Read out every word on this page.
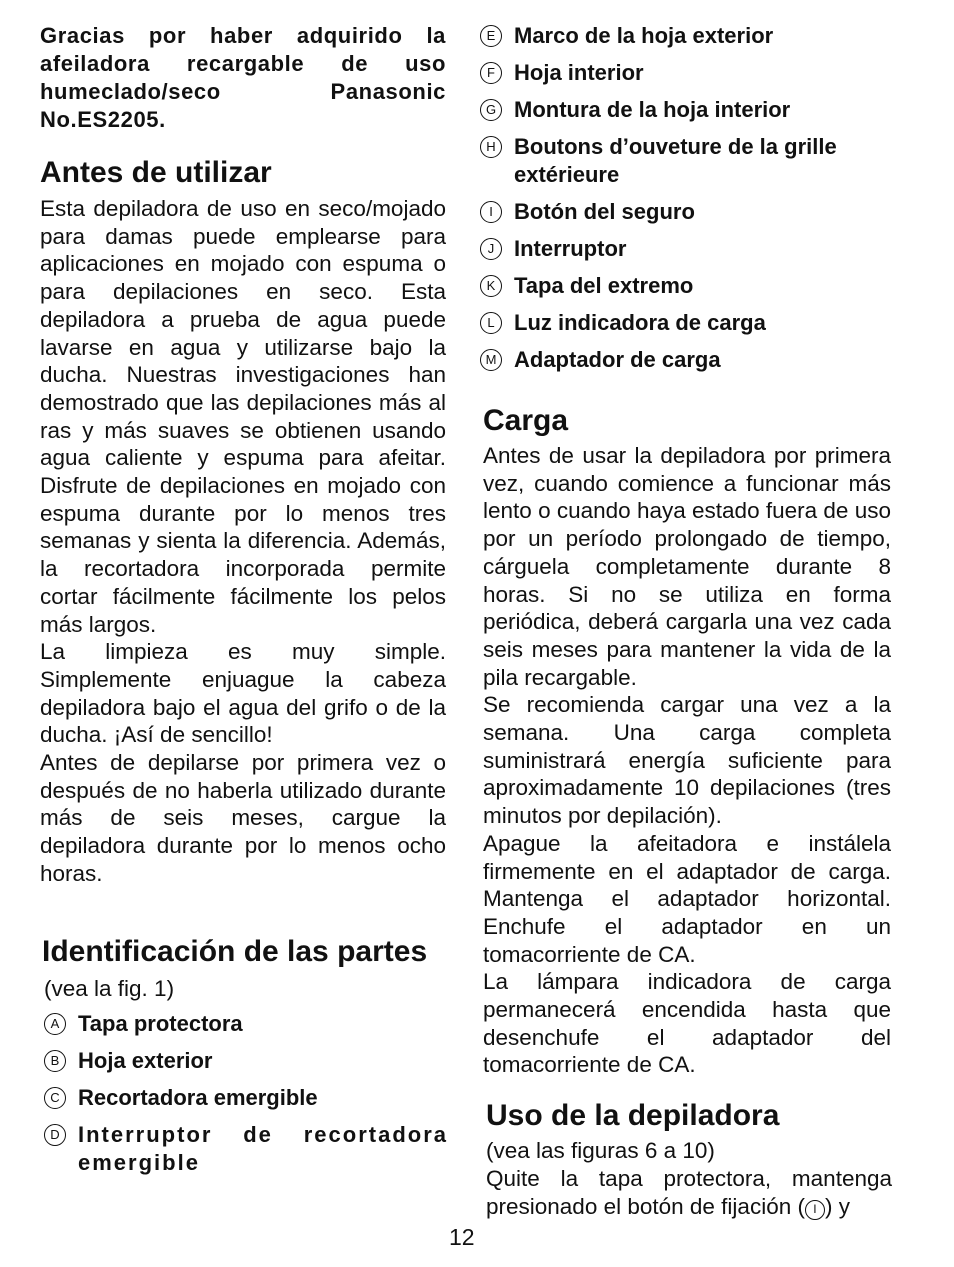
Gracias por haber adquirido la afeiladora recargable de uso humeclado/seco Panasonic No.ES2205.

Antes de utilizar

Esta depiladora de uso en seco/mojado para damas puede emplearse para aplicaciones en mojado con espuma o para depilaciones en seco. Esta depiladora a prueba de agua puede lavarse en agua y utilizarse bajo la ducha. Nuestras investigaciones han demostrado que las depilaciones más al ras y más suaves se obtienen usando agua caliente y espuma para afeitar. Disfrute de depilaciones en mojado con espuma durante por lo menos tres semanas y sienta la diferencia. Además, la recortadora incorporada permite cortar fácilmente fácilmente los pelos más largos.

La limpieza es muy simple. Simplemente enjuague la cabeza depiladora bajo el agua del grifo o de la ducha. ¡Así de sencillo!

Antes de depilarse por primera vez o después de no haberla utilizado durante más de seis meses, cargue la depiladora durante por lo menos ocho horas.

Identificación de las partes

(vea la fig. 1)

A Tapa protectora
B Hoja exterior
C Recortadora emergible
D Interruptor de recortadora emergible
E Marco de la hoja exterior
F Hoja interior
G Montura de la hoja interior
H Boutons d’ouveture de la grille extérieure
I Botón del seguro
J Interruptor
K Tapa del extremo
L Luz indicadora de carga
M Adaptador de carga
Carga

Antes de usar la depiladora por primera vez, cuando comience a funcionar más lento o cuando haya estado fuera de uso por un período prolongado de tiempo, cárguela completamente durante 8 horas. Si no se utiliza en forma periódica, deberá cargarla una vez cada seis meses para mantener la vida de la pila recargable.

Se recomienda cargar una vez a la semana. Una carga completa suministrará energía suficiente para aproximadamente 10 depilaciones (tres minutos por depilación).

Apague la afeitadora e instálela firmemente en el adaptador de carga. Mantenga el adaptador horizontal. Enchufe el adaptador en un tomacorriente de CA.

La lámpara indicadora de carga permanecerá encendida hasta que desenchufe el adaptador del tomacorriente de CA.

Uso de la depiladora

(vea las figuras 6 a 10)

Quite la tapa protectora, mantenga presionado el botón de fijación ( I ) y

12
